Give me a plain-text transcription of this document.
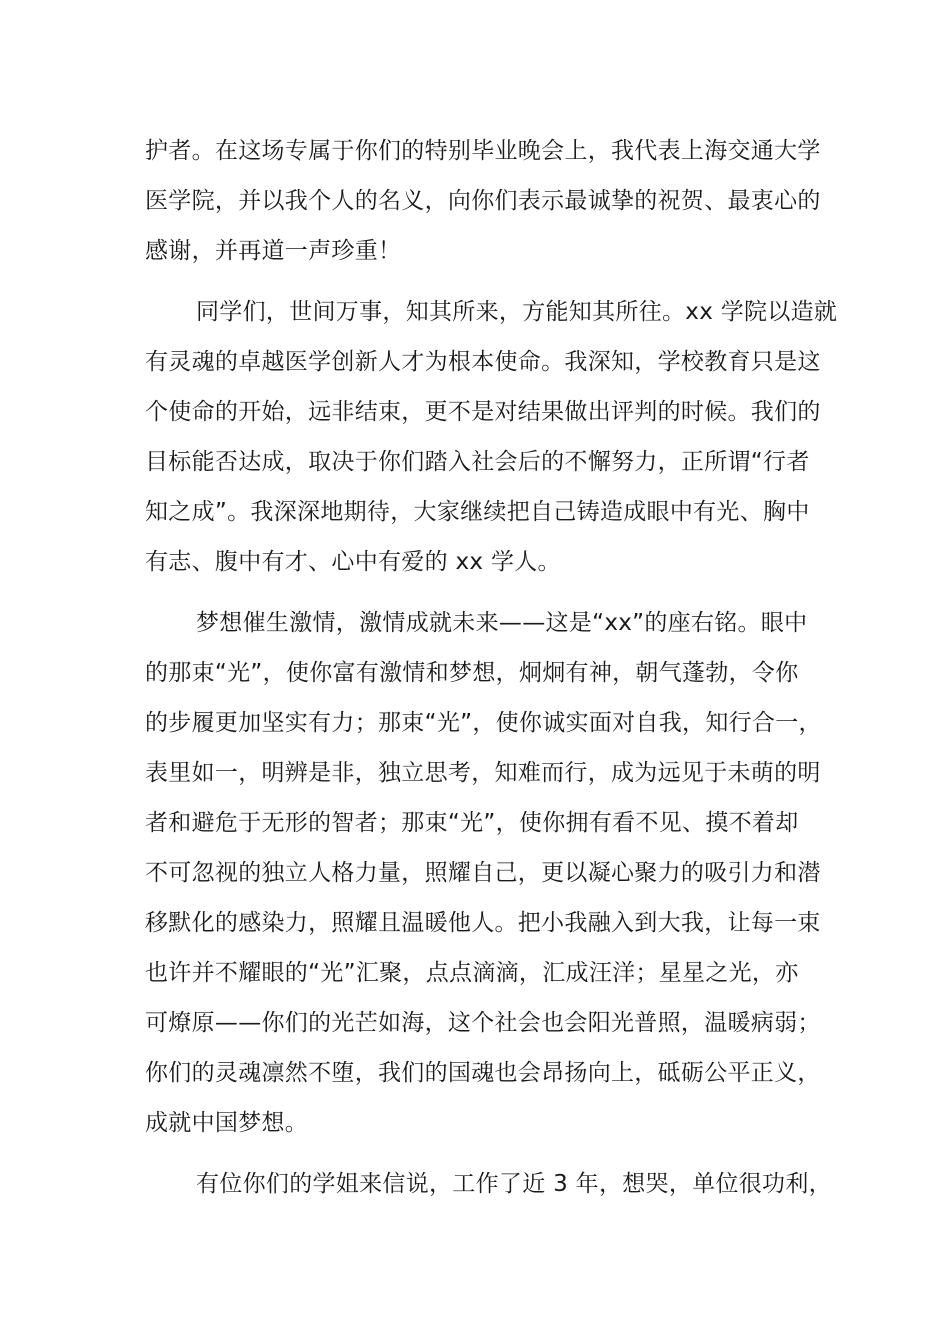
护者。在这场专属于你们的特别毕业晚会上，我代表上海交通大学
医学院，并以我个人的名义，向你们表示最诚挚的祝贺、最衷心的
感谢，并再道一声珍重！
同学们，世间万事，知其所来，方能知其所往。xx 学院以造就
有灵魂的卓越医学创新人才为根本使命。我深知，学校教育只是这
个使命的开始，远非结束，更不是对结果做出评判的时候。我们的
目标能否达成，取决于你们踏入社会后的不懈努力，正所谓“行者
知之成”。我深深地期待，大家继续把自己铸造成眼中有光、胸中
有志、腹中有才、心中有爱的 xx 学人。
梦想催生激情，激情成就未来——这是“xx”的座右铭。眼中
的那束“光”，使你富有激情和梦想，炯炯有神，朝气蓬勃，令你
的步履更加坚实有力；那束“光”，使你诚实面对自我，知行合一，
表里如一，明辨是非，独立思考，知难而行，成为远见于未萌的明
者和避危于无形的智者；那束“光”，使你拥有看不见、摸不着却
不可忽视的独立人格力量，照耀自己，更以凝心聚力的吸引力和潜
移默化的感染力，照耀且温暖他人。把小我融入到大我，让每一束
也许并不耀眼的“光”汇聚，点点滴滴，汇成汪洋；星星之光，亦
可燎原——你们的光芒如海，这个社会也会阳光普照，温暖病弱；
你们的灵魂凛然不堕，我们的国魂也会昂扬向上，砥砺公平正义，
成就中国梦想。
有位你们的学姐来信说，工作了近 3 年，想哭，单位很功利，
